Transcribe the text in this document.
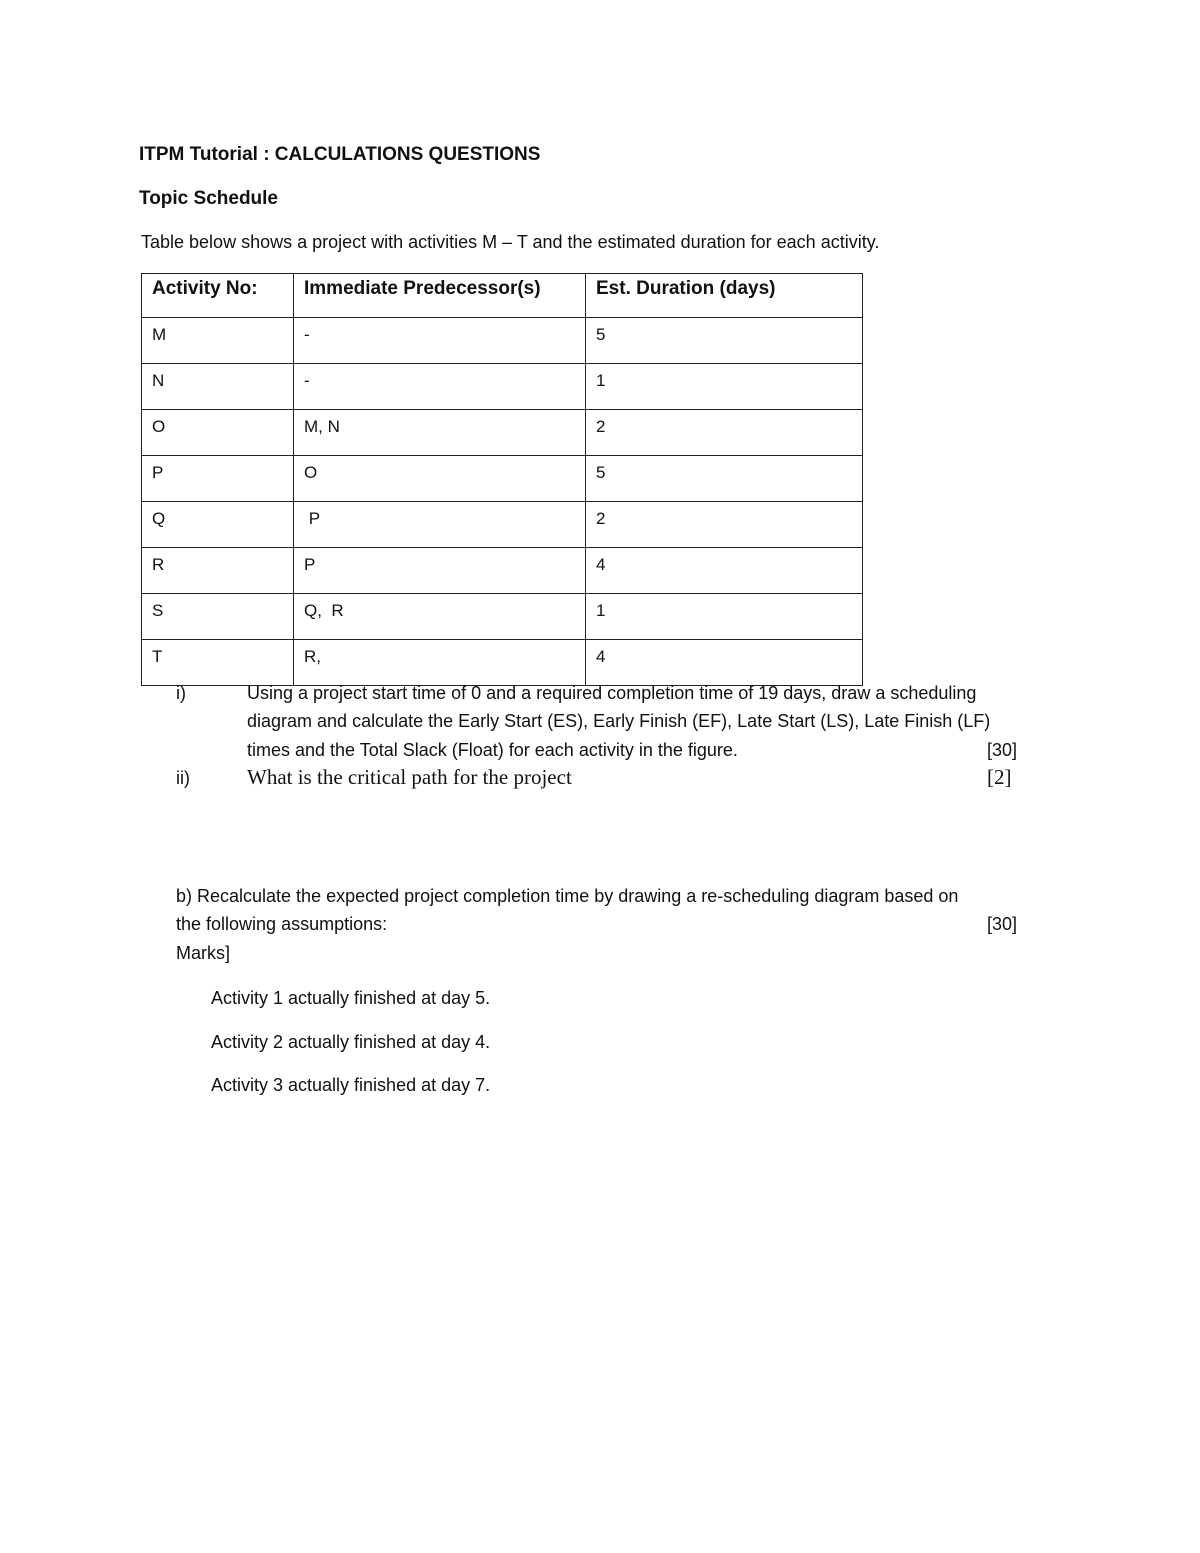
ITPM Tutorial : CALCULATIONS QUESTIONS
Topic Schedule
Table below shows a project with activities M – T and the estimated duration for each activity.
Activity No:	Immediate Predecessor(s)	Est. Duration (days)
M	-	5
N	-	1
O	M, N	2
P	O	5
Q	P	2
R	P	4
S	Q,  R	1
T	R,	4
i)	Using a project start time of 0 and a required completion time of 19 days, draw a scheduling
diagram and calculate the Early Start (ES), Early Finish (EF), Late Start (LS), Late Finish (LF)
times and the Total Slack (Float) for each activity in the figure.	[30]
ii)	What is the critical path for the project	[2]
b) Recalculate the expected project completion time by drawing a re-scheduling diagram based on
the following assumptions:	[30]
Marks]
Activity 1 actually finished at day 5.
Activity 2 actually finished at day 4.
Activity 3 actually finished at day 7.
